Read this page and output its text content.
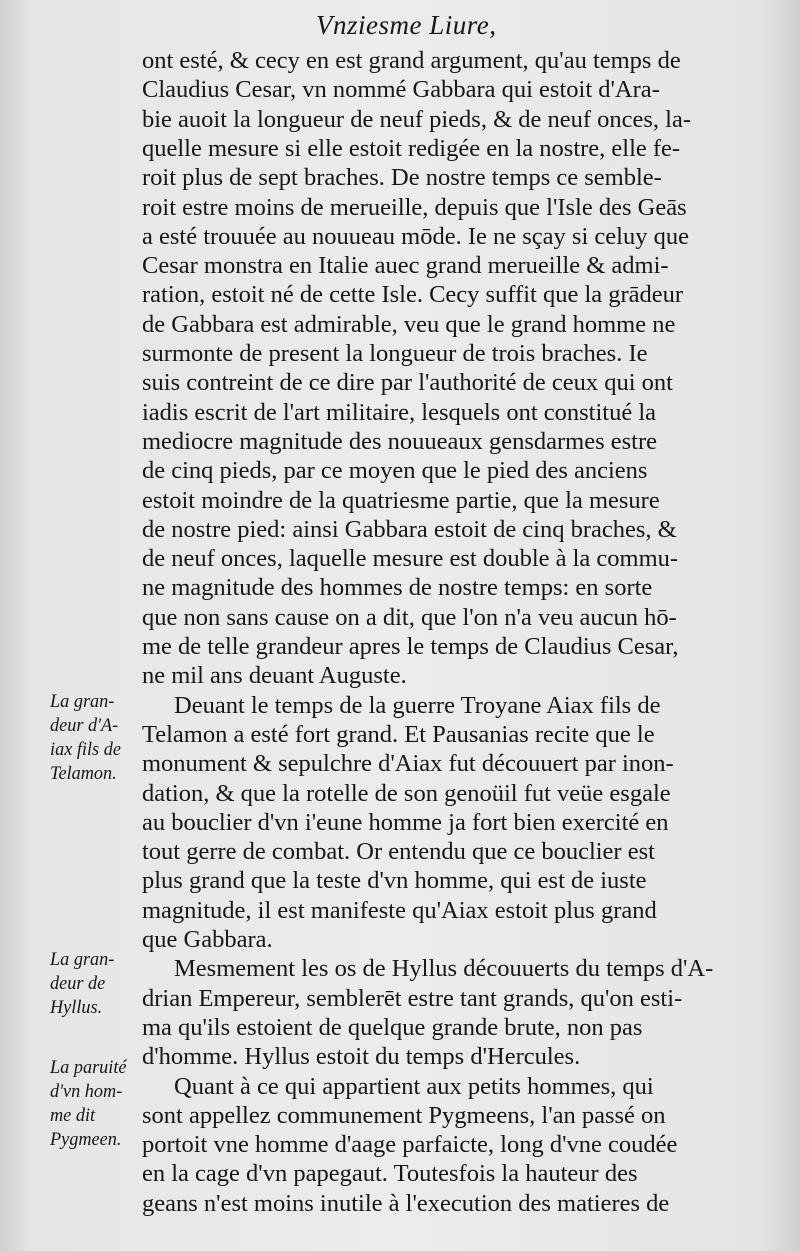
Vnziesme Liure,
ont esté, & cecy en est grand argument, qu'au temps de
Claudius Cesar, vn nommé Gabbara qui estoit d'Ara-
bie auoit la longueur de neuf pieds, & de neuf onces, la-
quelle mesure si elle estoit redigée en la nostre, elle fe-
roit plus de sept braches. De nostre temps ce semble-
roit estre moins de merueille, depuis que l'Isle des Geās
a esté trouuée au nouueau mōde. Ie ne sçay si celuy que
Cesar monstra en Italie auec grand merueille & admi-
ration, estoit né de cette Isle. Cecy suffit que la grādeur
de Gabbara est admirable, veu que le grand homme ne
surmonte de present la longueur de trois braches. Ie
suis contreint de ce dire par l'authorité de ceux qui ont
iadis escrit de l'art militaire, lesquels ont constitué la
mediocre magnitude des nouueaux gensdarmes estre
de cinq pieds, par ce moyen que le pied des anciens
estoit moindre de la quatriesme partie, que la mesure
de nostre pied: ainsi Gabbara estoit de cinq braches, &
de neuf onces, laquelle mesure est double à la commu-
ne magnitude des hommes de nostre temps: en sorte
que non sans cause on a dit, que l'on n'a veu aucun hō-
me de telle grandeur apres le temps de Claudius Cesar,
ne mil ans deuant Auguste.
Deuant le temps de la guerre Troyane Aiax fils de
Telamon a esté fort grand. Et Pausanias recite que le
monument & sepulchre d'Aiax fut découuert par inon-
dation, & que la rotelle de son genoüil fut veüe esgale
au bouclier d'vn i'eune homme ja fort bien exercité en
tout gerre de combat. Or entendu que ce bouclier est
plus grand que la teste d'vn homme, qui est de iuste
magnitude, il est manifeste qu'Aiax estoit plus grand
que Gabbara.
Mesmement les os de Hyllus découuerts du temps d'A-
drian Empereur, semblerēt estre tant grands, qu'on esti-
ma qu'ils estoient de quelque grande brute, non pas
d'homme. Hyllus estoit du temps d'Hercules.
Quant à ce qui appartient aux petits hommes, qui
sont appellez communement Pygmeens, l'an passé on
portoit vne homme d'aage parfaicte, long d'vne coudée
en la cage d'vn papegaut. Toutesfois la hauteur des
geans n'est moins inutile à l'execution des matieres de
La gran-
deur d'A-
iax fils de
Telamon.
La gran-
deur de
Hyllus.
La paruité
d'vn hom-
me dit
Pygmeen.
